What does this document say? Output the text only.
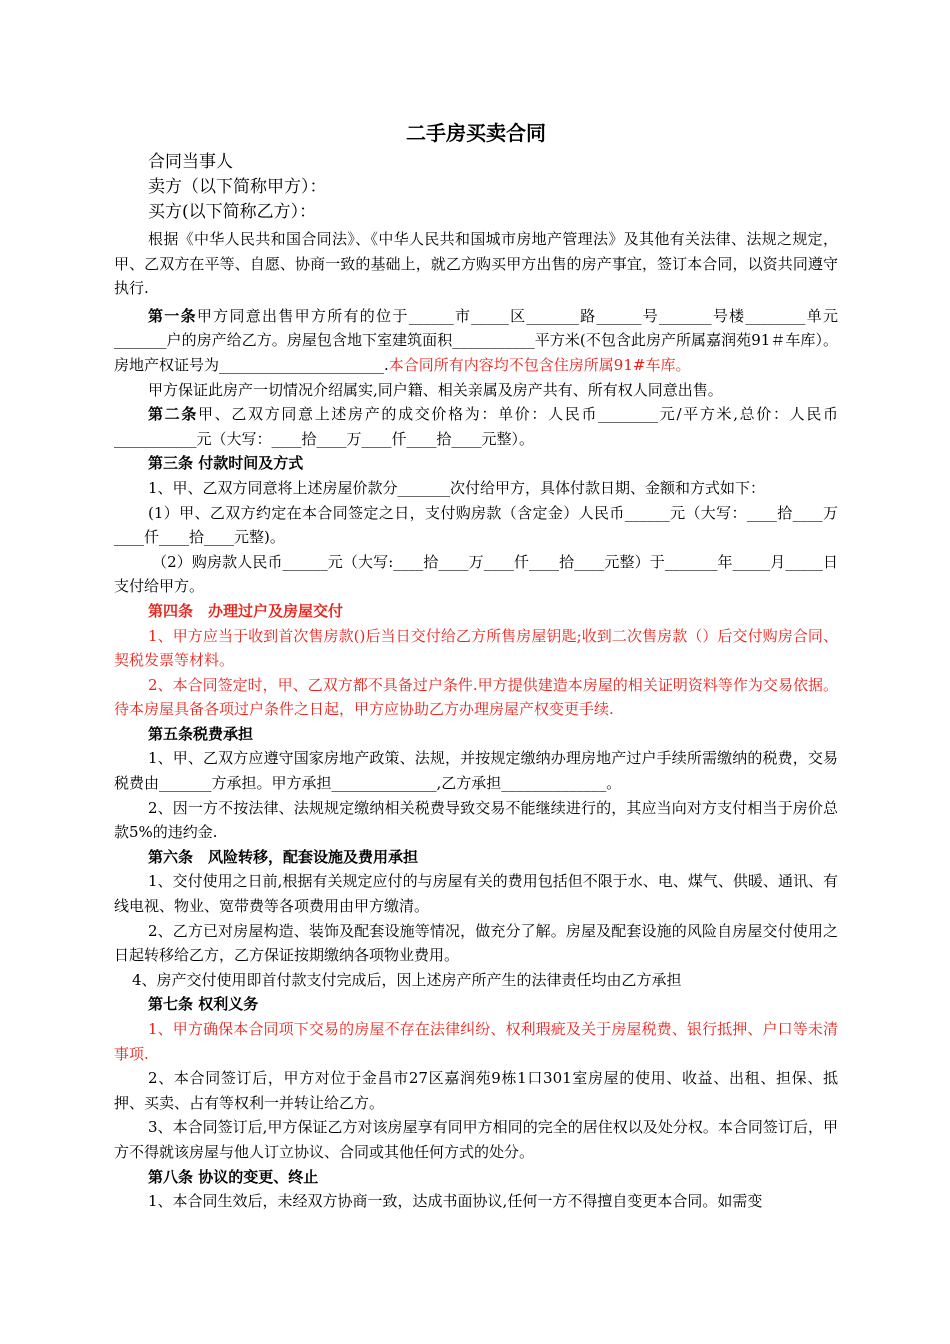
二手房买卖合同
合同当事人
卖方（以下简称甲方）：
买方(以下简称乙方）：

根据《中华人民共和国合同法》、《中华人民共和国城市房地产管理法》及其他有关法律、法规之规定，甲、乙双方在平等、自愿、协商一致的基础上，就乙方购买甲方出售的房产事宜，签订本合同，以资共同遵守执行.

第一条甲方同意出售甲方所有的位于______市_____区_______路______号_______号楼________单元_______户的房产给乙方。房屋包含地下室建筑面积___________平方米(不包含此房产所属嘉润苑91＃车库）。房地产权证号为______________________.本合同所有内容均不包含住房所属91#车库。

甲方保证此房产一切情况介绍属实,同户籍、相关亲属及房产共有、所有权人同意出售。

第二条甲、乙双方同意上述房产的成交价格为：单价：人民币________元/平方米,总价：人民币___________元（大写：____拾____万____仟____拾____元整）。

第三条 付款时间及方式

1、甲、乙双方同意将上述房屋价款分_______次付给甲方，具体付款日期、金额和方式如下：

(1）甲、乙双方约定在本合同签定之日，支付购房款（含定金）人民币______元（大写：____拾____万____仟____拾____元整)。

（2）购房款人民币______元（大写:____拾____万____仟____拾____元整）于_______年_____月_____日支付给甲方。

第四条　办理过户及房屋交付

1、甲方应当于收到首次售房款()后当日交付给乙方所售房屋钥匙;收到二次售房款（）后交付购房合同、契税发票等材料。

2、本合同签定时，甲、乙双方都不具备过户条件.甲方提供建造本房屋的相关证明资料等作为交易依据。待本房屋具备各项过户条件之日起，甲方应协助乙方办理房屋产权变更手续.

第五条税费承担

1、甲、乙双方应遵守国家房地产政策、法规，并按规定缴纳办理房地产过户手续所需缴纳的税费，交易税费由_______方承担。甲方承担______________,乙方承担______________。

2、因一方不按法律、法规规定缴纳相关税费导致交易不能继续进行的，其应当向对方支付相当于房价总款5%的违约金.

第六条　风险转移，配套设施及费用承担

1、交付使用之日前,根据有关规定应付的与房屋有关的费用包括但不限于水、电、煤气、供暖、通讯、有线电视、物业、宽带费等各项费用由甲方缴清。

2、乙方已对房屋构造、装饰及配套设施等情况，做充分了解。房屋及配套设施的风险自房屋交付使用之日起转移给乙方，乙方保证按期缴纳各项物业费用。

4、房产交付使用即首付款支付完成后，因上述房产所产生的法律责任均由乙方承担

第七条 权利义务

1、甲方确保本合同项下交易的房屋不存在法律纠纷、权利瑕疵及关于房屋税费、银行抵押、户口等未清事项.

2、本合同签订后，甲方对位于金昌市27区嘉润苑9栋1口301室房屋的使用、收益、出租、担保、抵押、买卖、占有等权利一并转让给乙方。

3、本合同签订后,甲方保证乙方对该房屋享有同甲方相同的完全的居住权以及处分权。本合同签订后，甲方不得就该房屋与他人订立协议、合同或其他任何方式的处分。

第八条 协议的变更、终止

1、本合同生效后，未经双方协商一致，达成书面协议,任何一方不得擅自变更本合同。如需变
